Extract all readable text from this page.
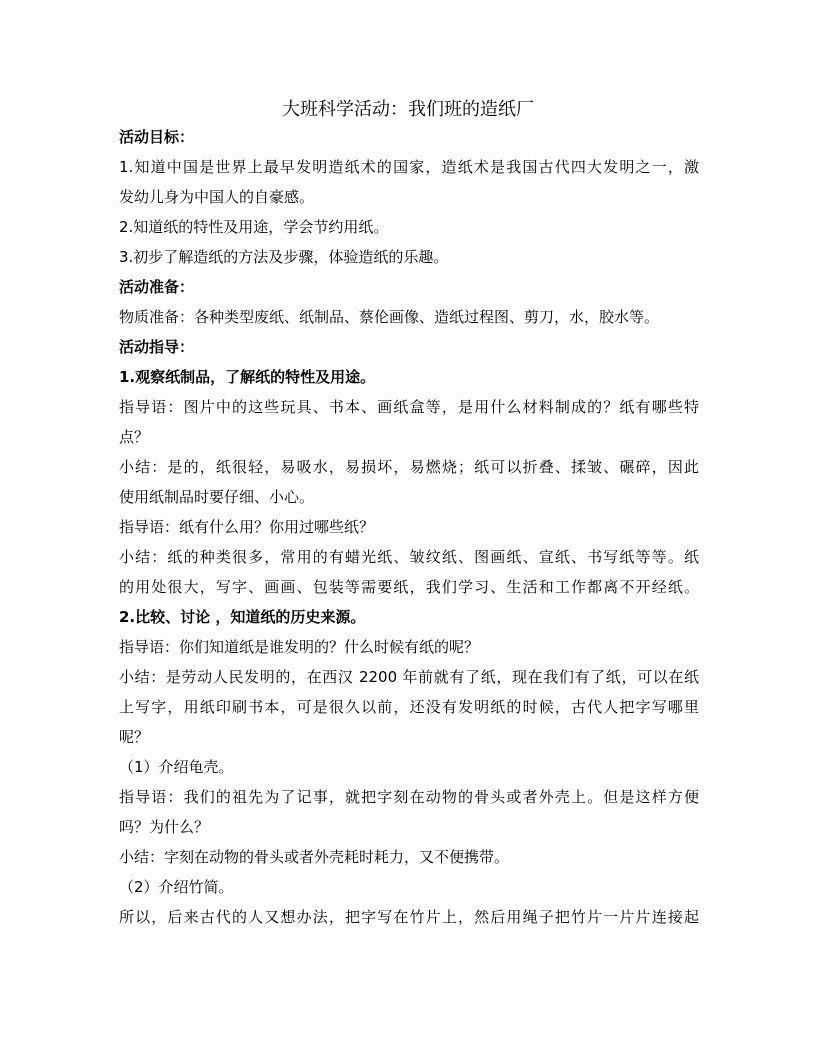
大班科学活动：我们班的造纸厂
活动目标：
1.知道中国是世界上最早发明造纸术的国家，造纸术是我国古代四大发明之一，激
发幼儿身为中国人的自豪感。
2.知道纸的特性及用途，学会节约用纸。
3.初步了解造纸的方法及步骤，体验造纸的乐趣。
活动准备：
物质准备：各种类型废纸、纸制品、蔡伦画像、造纸过程图、剪刀，水，胶水等。
活动指导：
1.观察纸制品，了解纸的特性及用途。
指导语：图片中的这些玩具、书本、画纸盒等，是用什么材料制成的？纸有哪些特
点？
小结：是的，纸很轻，易吸水，易损坏，易燃烧；纸可以折叠、揉皱、碾碎，因此
使用纸制品时要仔细、小心。
指导语：纸有什么用？你用过哪些纸？
小结：纸的种类很多，常用的有蜡光纸、皱纹纸、图画纸、宣纸、书写纸等等。纸
的用处很大，写字、画画、包装等需要纸，我们学习、生活和工作都离不开经纸。
2.比较、讨论 ，知道纸的历史来源。
指导语：你们知道纸是谁发明的？什么时候有纸的呢？
小结：是劳动人民发明的，在西汉 2200 年前就有了纸，现在我们有了纸，可以在纸
上写字，用纸印刷书本，可是很久以前，还没有发明纸的时候，古代人把字写哪里
呢？
（1）介绍龟壳。
指导语：我们的祖先为了记事，就把字刻在动物的骨头或者外壳上。但是这样方便
吗？为什么？
小结：字刻在动物的骨头或者外壳耗时耗力，又不便携带。
（2）介绍竹简。
所以，后来古代的人又想办法，把字写在竹片上，然后用绳子把竹片一片片连接起
